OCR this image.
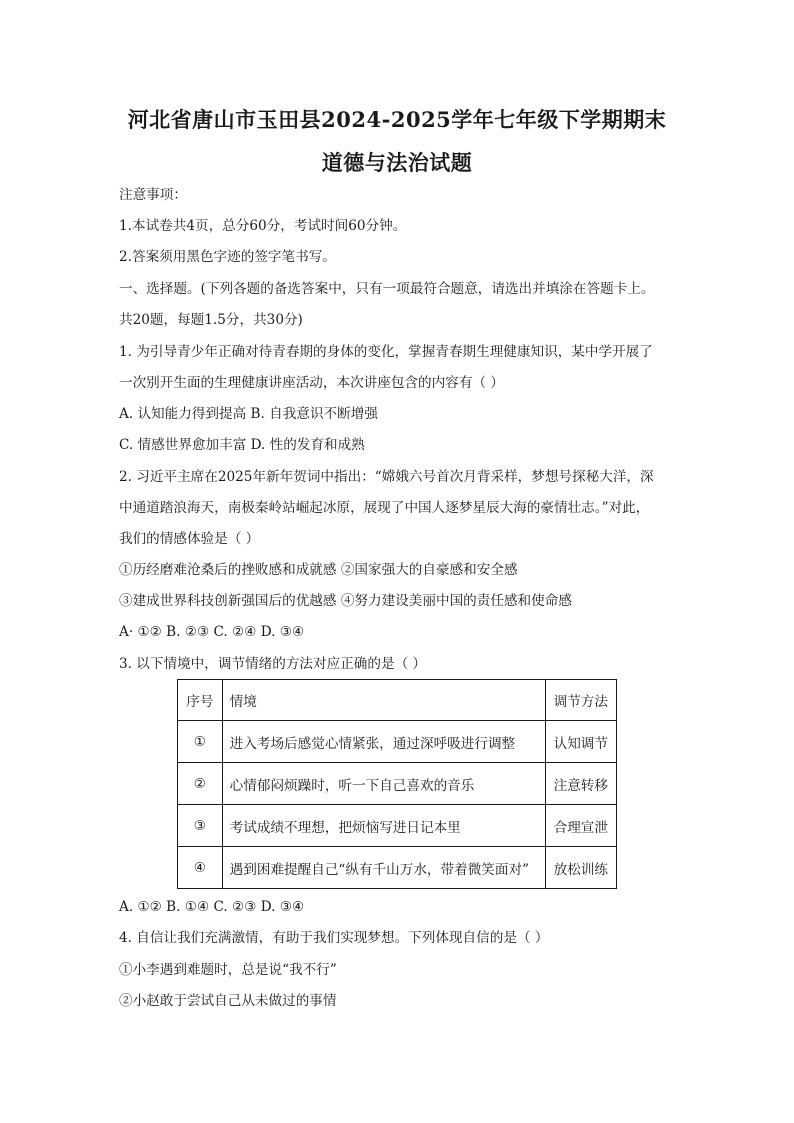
河北省唐山市玉田县2024-2025学年七年级下学期期末
道德与法治试题
注意事项：
1.本试卷共4页，总分60分，考试时间60分钟。
2.答案须用黑色字迹的签字笔书写。
一、选择题。(下列各题的备选答案中，只有一项最符合题意，请选出并填涂在答题卡上。
共20题，每题1.5分，共30分)
1. 为引导青少年正确对待青春期的身体的变化，掌握青春期生理健康知识，某中学开展了
一次别开生面的生理健康讲座活动，本次讲座包含的内容有（ ）
A. 认知能力得到提高 B. 自我意识不断增强
C. 情感世界愈加丰富 D. 性的发育和成熟
2. 习近平主席在2025年新年贺词中指出：“嫦娥六号首次月背采样，梦想号探秘大洋，深
中通道踏浪海天，南极秦岭站崛起冰原，展现了中国人逐梦星辰大海的豪情壮志。”对此，
我们的情感体验是（ ）
①历经磨难沧桑后的挫败感和成就感 ②国家强大的自豪感和安全感
③建成世界科技创新强国后的优越感 ④努力建设美丽中国的责任感和使命感
A· ①② B. ②③ C. ②④ D. ③④
3. 以下情境中，调节情绪的方法对应正确的是（ ）
序号	情境	调节方法
①	进入考场后感觉心情紧张，通过深呼吸进行调整	认知调节
②	心情郁闷烦躁时，听一下自己喜欢的音乐	注意转移
③	考试成绩不理想，把烦恼写进日记本里	合理宣泄
④	遇到困难提醒自己“纵有千山万水，带着微笑面对”	放松训练
A. ①② B. ①④ C. ②③ D. ③④
4. 自信让我们充满激情，有助于我们实现梦想。下列体现自信的是（ ）
①小李遇到难题时，总是说“我不行”
②小赵敢于尝试自己从未做过的事情
